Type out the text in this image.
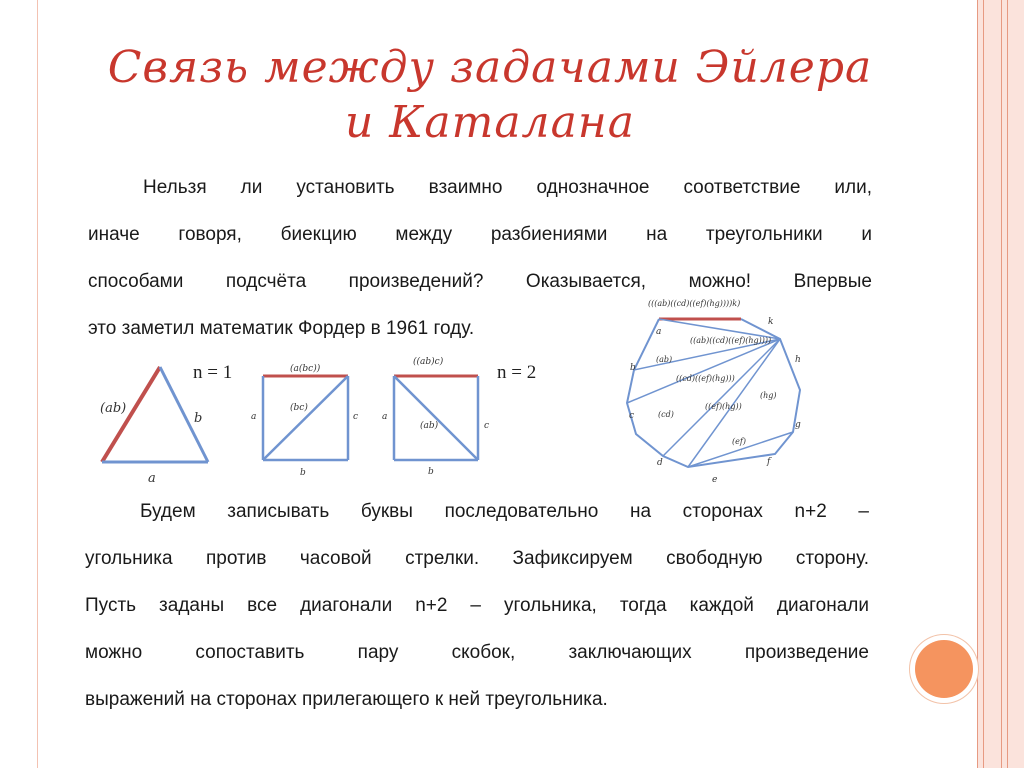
Связь между задачами Эйлера
и Каталана
Нельзя ли установить взаимно однозначное соответствие или,
иначе говоря, биекцию между разбиениями на треугольники и
способами подсчёта произведений? Оказывается, можно! Впервые
это заметил математик Фордер в 1961 году.
n = 1	n = 2
(ab)
b
a
(a(bc))
(bc)
a	c
b
((ab)c)
(ab)
a
c
b
(((ab)((cd)((ef)(hg))))k)
((ab)((cd)((ef)(hg))))
((cd)((ef)(hg)))
((ef)(hg))
(ab)
(cd)
(hg)
(ef)
a
b
c
d
e
f
g
h
k
Будем записывать буквы последовательно на сторонах n+2 –
угольника против часовой стрелки. Зафиксируем свободную сторону.
Пусть заданы все диагонали n+2 – угольника, тогда каждой диагонали
можно сопоставить пару скобок, заключающих произведение
выражений на сторонах прилегающего к ней треугольника.
